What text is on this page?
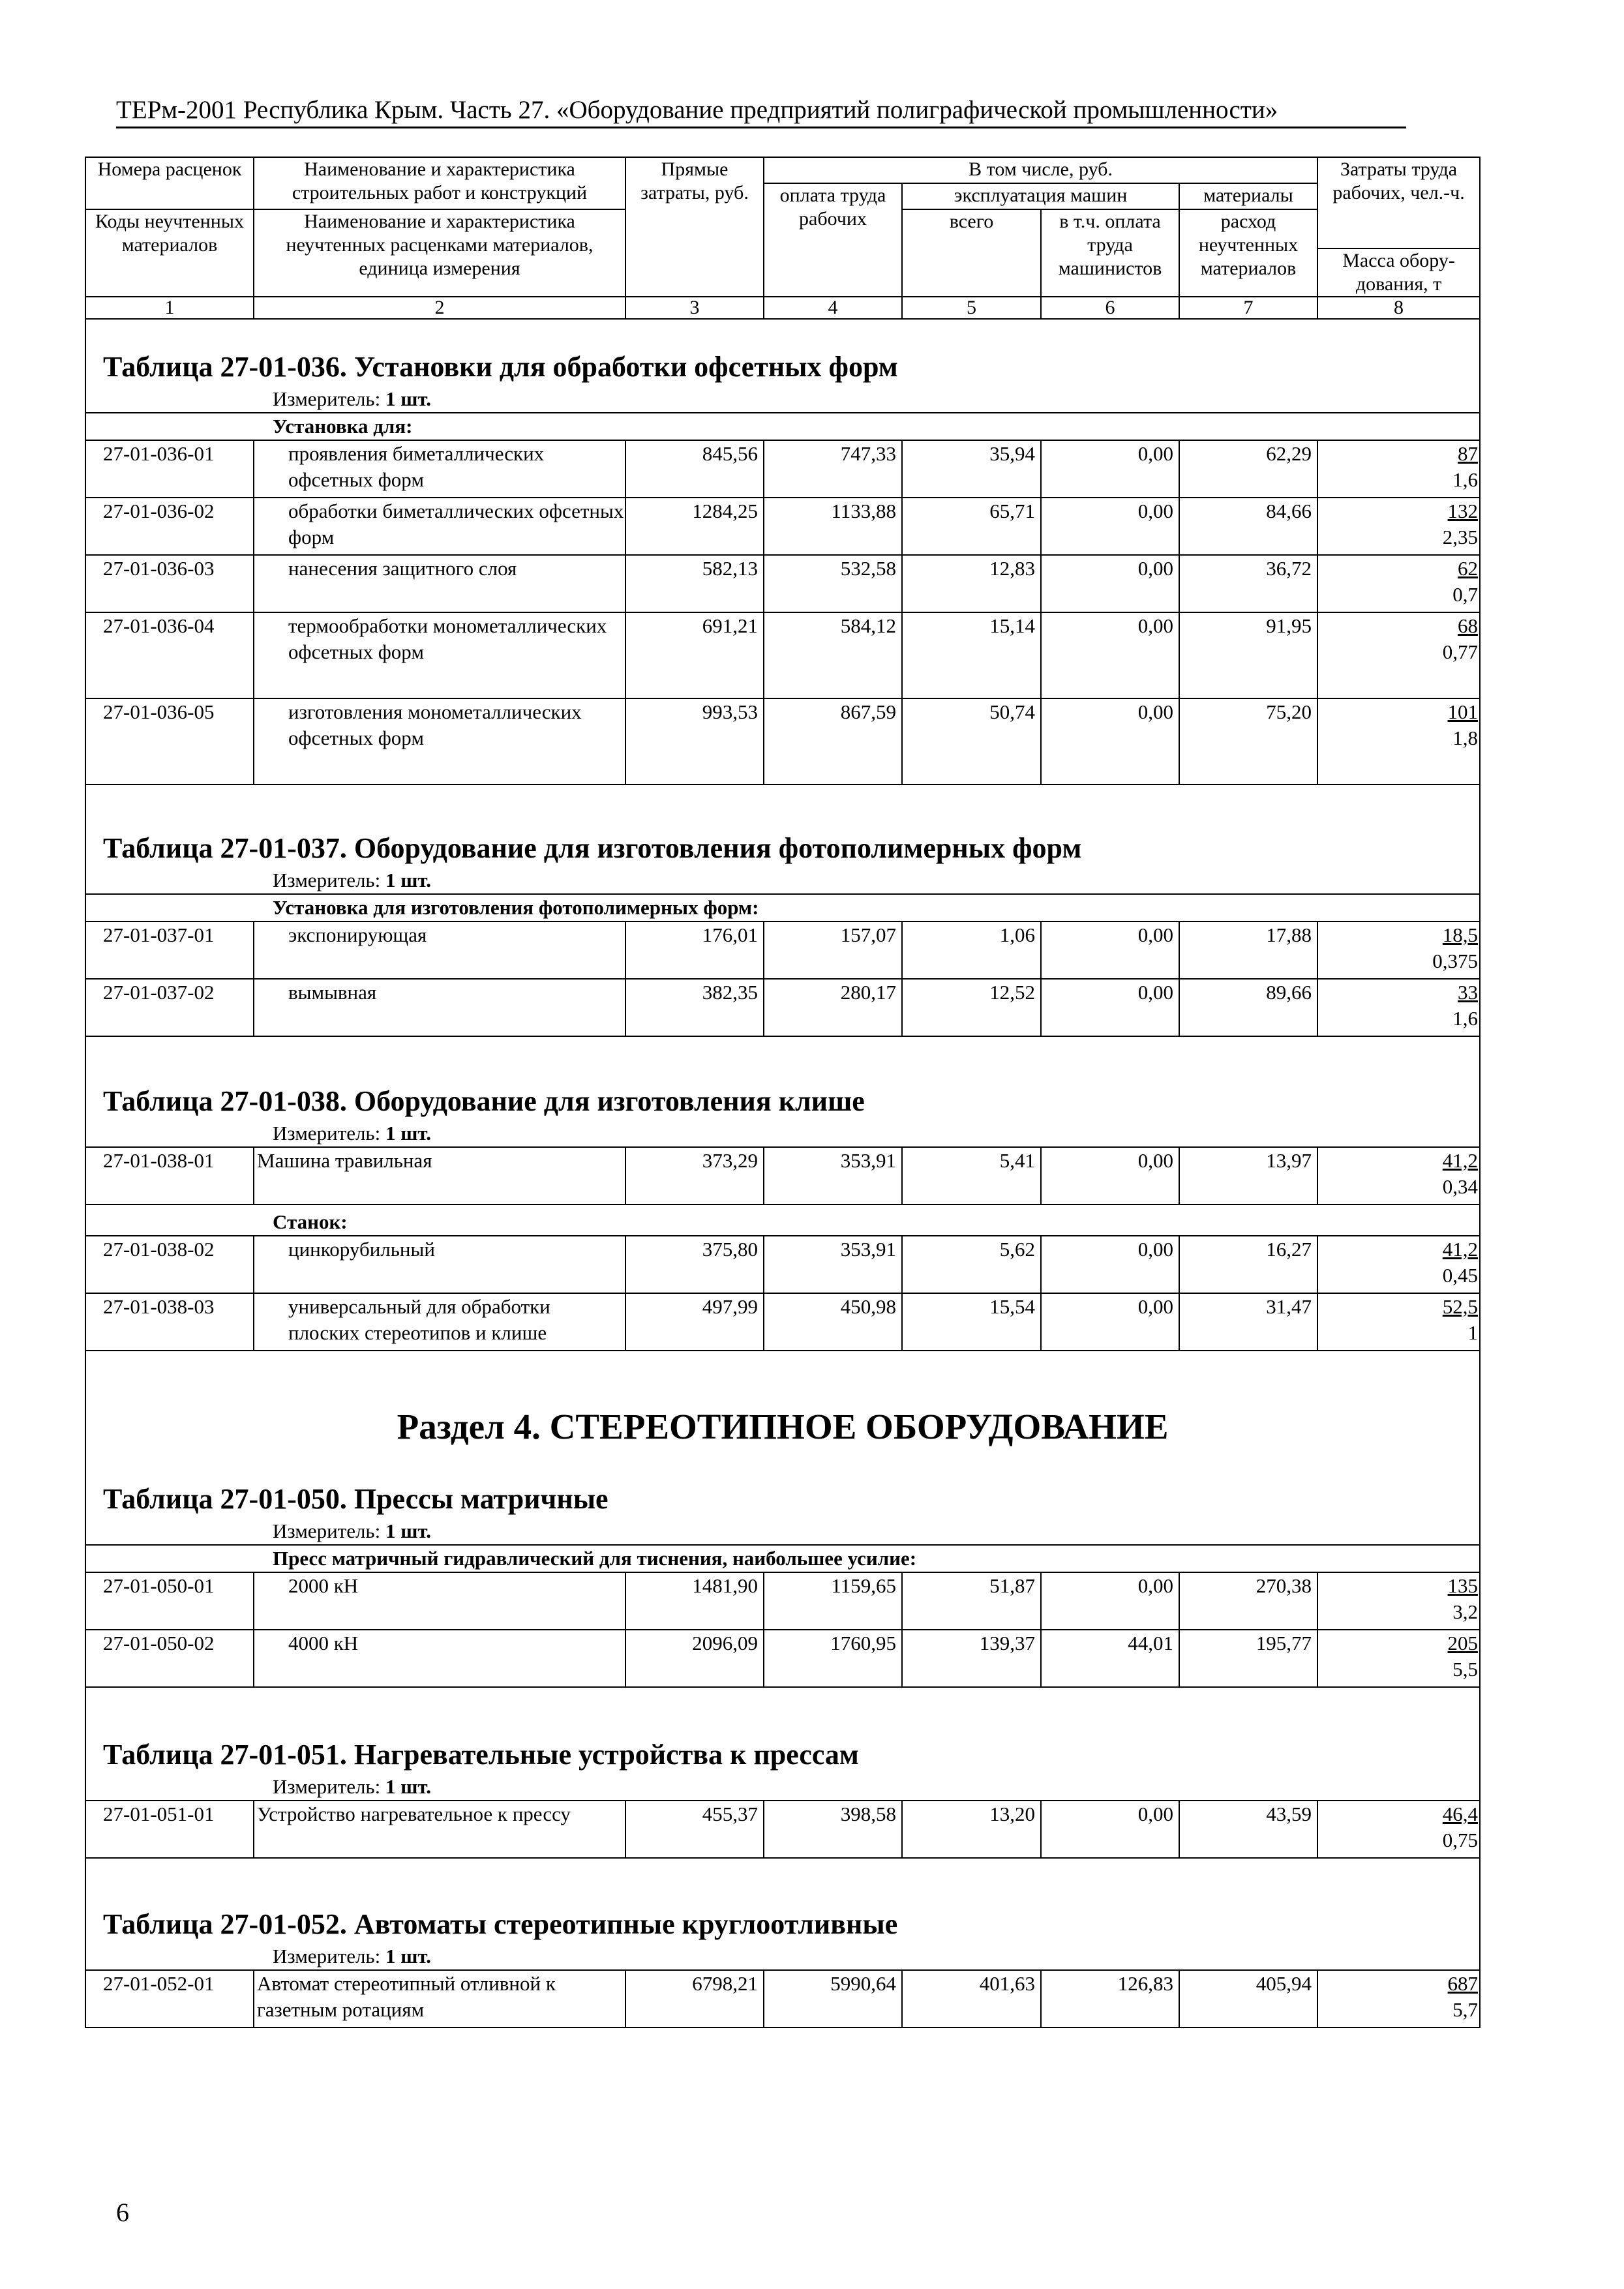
ТЕРм-2001 Республика Крым. Часть 27. «Оборудование предприятий полиграфической промышленности»
Номера расценок	Наименование и характеристика строительных работ и конструкций	Прямые затраты, руб.	В том числе, руб.				Затраты труда рабочих, чел.-ч.
			оплата труда рабочих	эксплуатация машин		материалы	
Коды неучтенных материалов	Наименование и характеристика неучтенных расценками материалов, единица измерения			всего	в т.ч. оплата труда машинистов	расход неучтенных материалов	
							Масса обору-дования, т
1	2	3	4	5	6	7	8

Таблица 27-01-036. Установки для обработки офсетных форм
Измеритель: 1 шт.							

Установка для:							
27-01-036-01	проявления биметаллических офсетных форм	845,56	747,33	35,94	0,00	62,29	87
1,6

27-01-036-02	обработки биметаллических офсетных форм	1284,25	1133,88	65,71	0,00	84,66	132
2,35

27-01-036-03	нанесения защитного слоя	582,13	532,58	12,83	0,00	36,72	62
0,7

27-01-036-04	термообработки монометаллических офсетных форм	691,21	584,12	15,14	0,00	91,95	68
0,77

27-01-036-05	изготовления монометаллических офсетных форм	993,53	867,59	50,74	0,00	75,20	101
1,8

Таблица 27-01-037. Оборудование для изготовления фотополимерных форм
Измеритель: 1 шт.							

Установка для изготовления фотополимерных форм:							
27-01-037-01	экспонирующая	176,01	157,07	1,06	0,00	17,88	18,5
0,375

27-01-037-02	вымывная	382,35	280,17	12,52	0,00	89,66	33
1,6

Таблица 27-01-038. Оборудование для изготовления клише
Измеритель: 1 шт.							

27-01-038-01	Машина травильная	373,29	353,91	5,41	0,00	13,97	41,2
0,34

Станок:							
27-01-038-02	цинкорубильный	375,80	353,91	5,62	0,00	16,27	41,2
0,45

27-01-038-03	универсальный для обработки плоских стереотипов и клише	497,99	450,98	15,54	0,00	31,47	52,5
1

Раздел 4. СТЕРЕОТИПНОЕ ОБОРУДОВАНИЕ
Таблица 27-01-050. Прессы матричные
Измеритель: 1 шт.							

Пресс матричный гидравлический для тиснения, наибольшее усилие:							
27-01-050-01	2000 кН	1481,90	1159,65	51,87	0,00	270,38	135
3,2

27-01-050-02	4000 кН	2096,09	1760,95	139,37	44,01	195,77	205
5,5

Таблица 27-01-051. Нагревательные устройства к прессам
Измеритель: 1 шт.							

27-01-051-01	Устройство нагревательное к прессу	455,37	398,58	13,20	0,00	43,59	46,4
0,75

Таблица 27-01-052. Автоматы стереотипные круглоотливные
Измеритель: 1 шт.							

27-01-052-01	Автомат стереотипный отливной к газетным ротациям	6798,21	5990,64	401,63	126,83	405,94	687
5,7
6
